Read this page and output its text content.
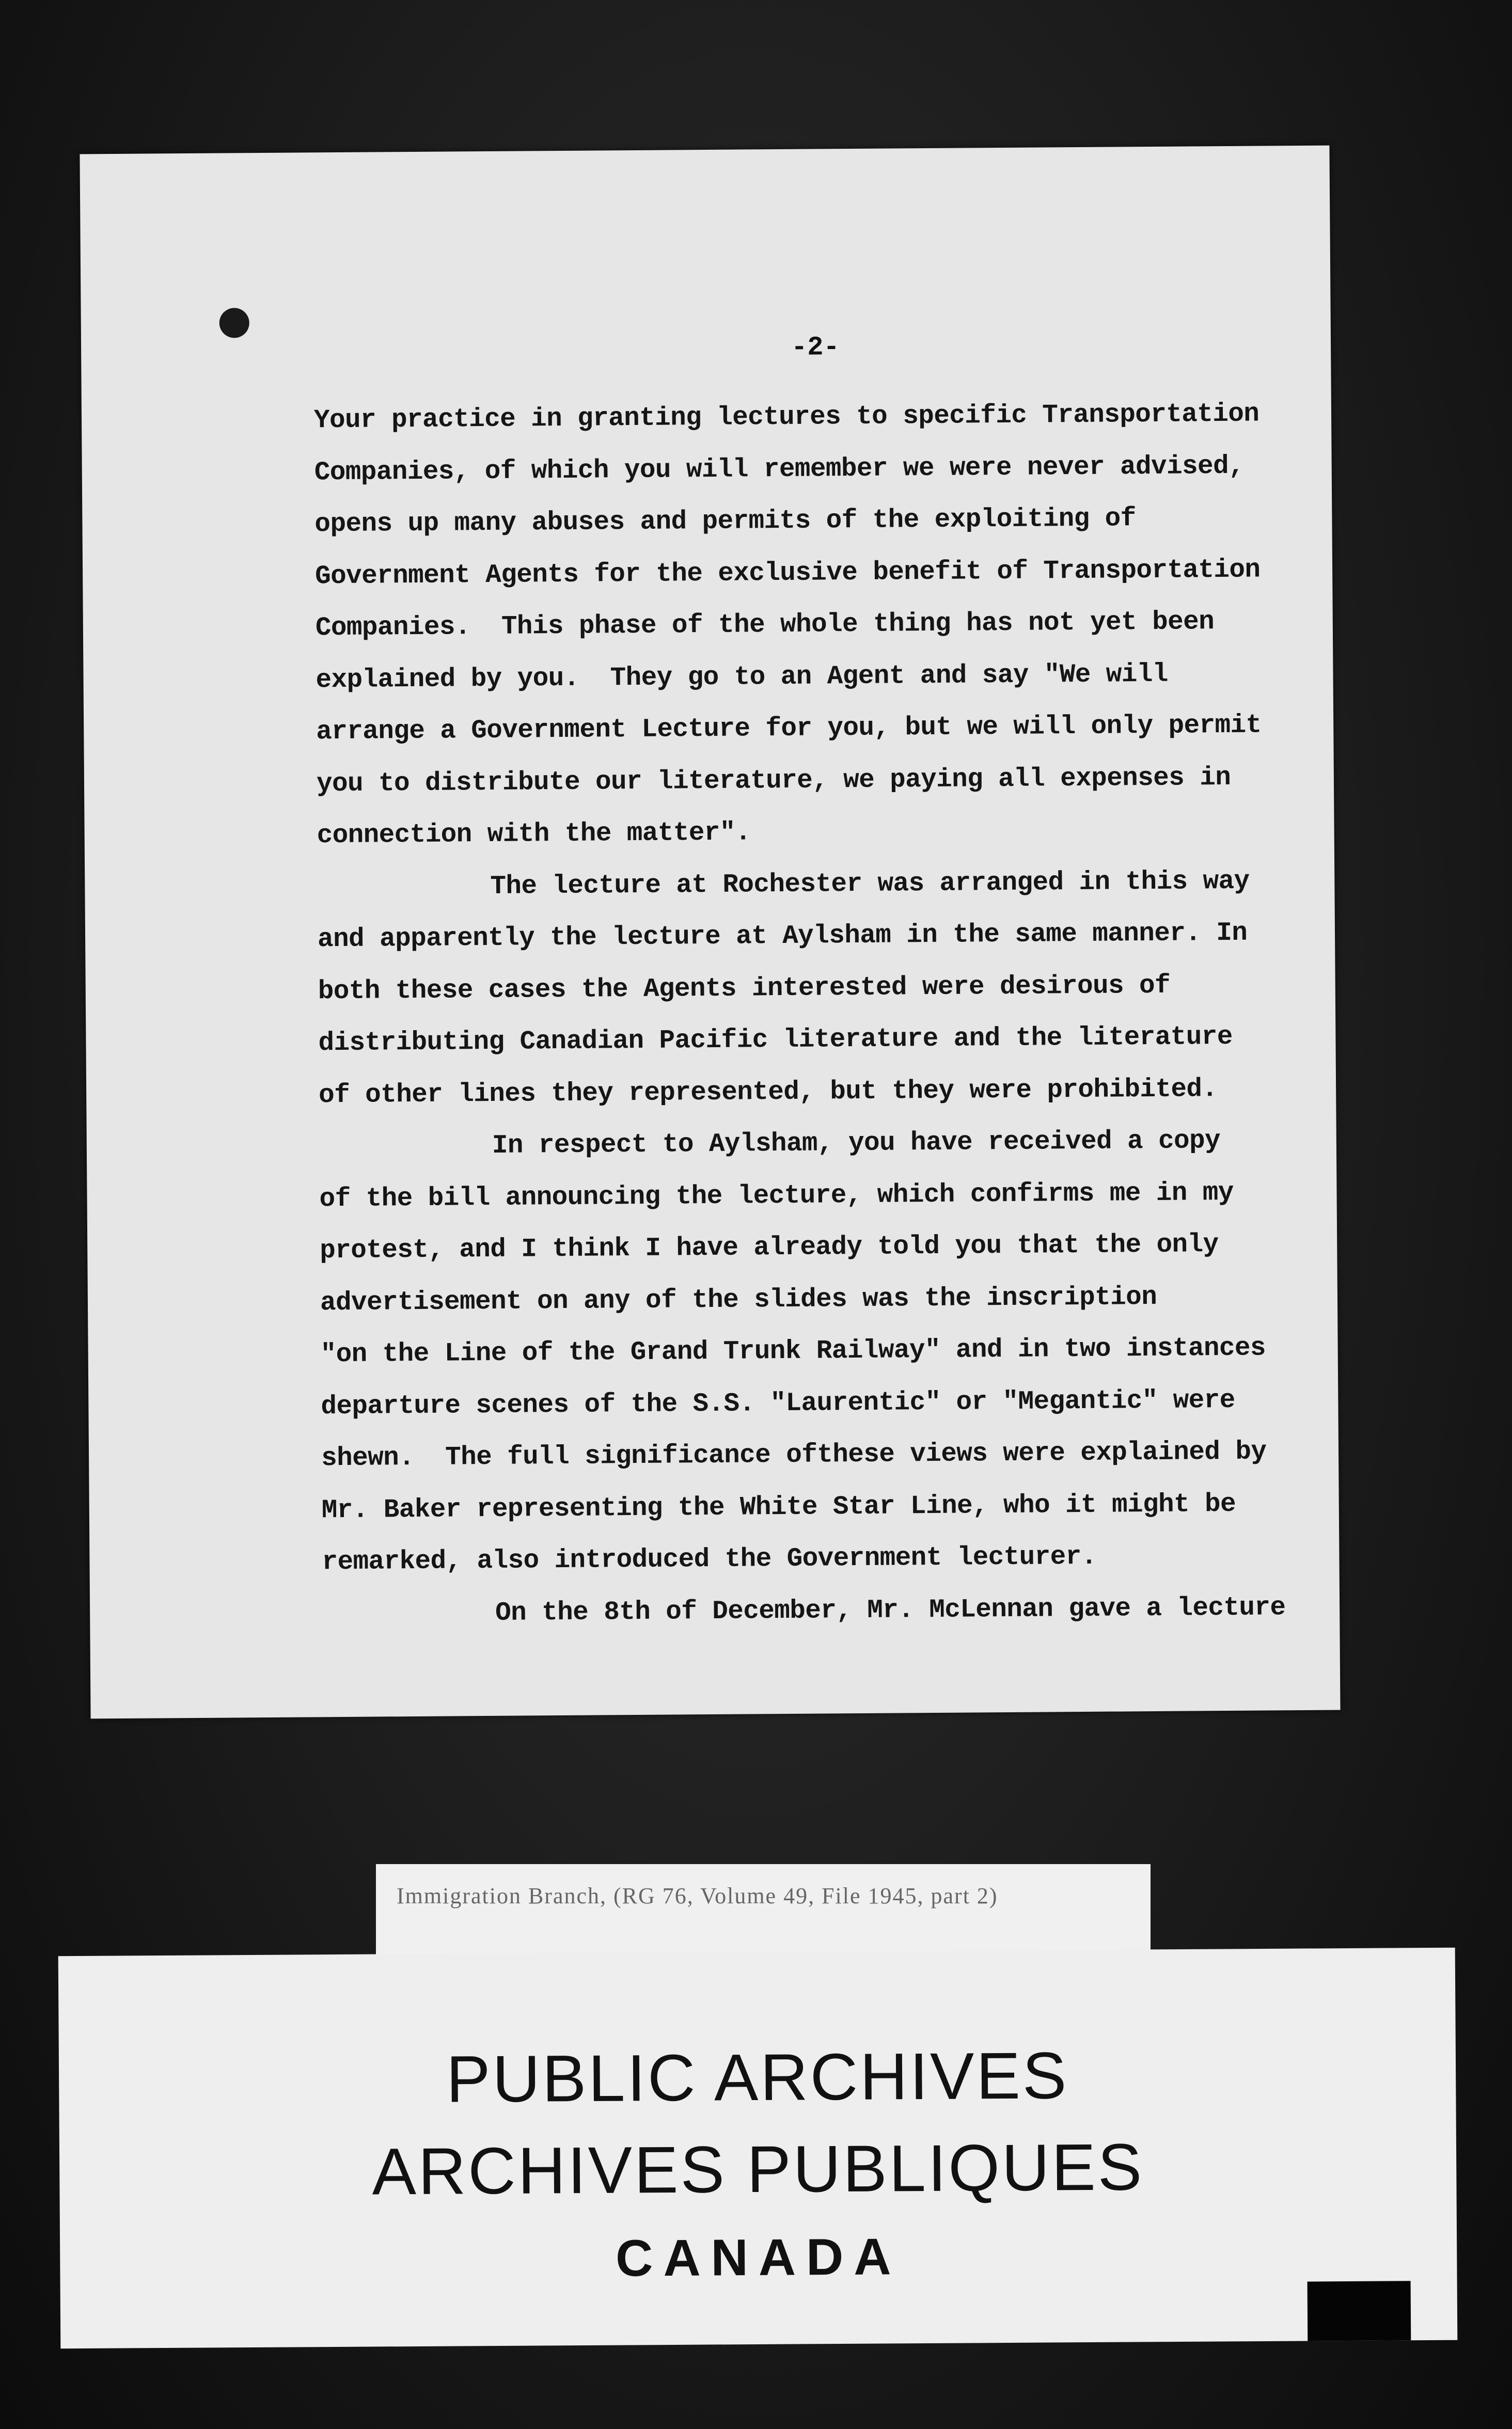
-2-
Your practice in granting lectures to specific Transportation
Companies, of which you will remember we were never advised,
opens up many abuses and permits of the exploiting of
Government Agents for the exclusive benefit of Transportation
Companies.  This phase of the whole thing has not yet been
explained by you.  They go to an Agent and say "We will
arrange a Government Lecture for you, but we will only permit
you to distribute our literature, we paying all expenses in
connection with the matter".
The lecture at Rochester was arranged in this way
and apparently the lecture at Aylsham in the same manner. In
both these cases the Agents interested were desirous of
distributing Canadian Pacific literature and the literature
of other lines they represented, but they were prohibited.
In respect to Aylsham, you have received a copy
of the bill announcing the lecture, which confirms me in my
protest, and I think I have already told you that the only
advertisement on any of the slides was the inscription
"on the Line of the Grand Trunk Railway" and in two instances
departure scenes of the S.S. "Laurentic" or "Megantic" were
shewn.  The full significance ofthese views were explained by
Mr. Baker representing the White Star Line, who it might be
remarked, also introduced the Government lecturer.
On the 8th of December, Mr. McLennan gave a lecture
Immigration Branch, (RG 76, Volume 49, File 1945, part 2)
PUBLIC ARCHIVES
ARCHIVES PUBLIQUES
CANADA
